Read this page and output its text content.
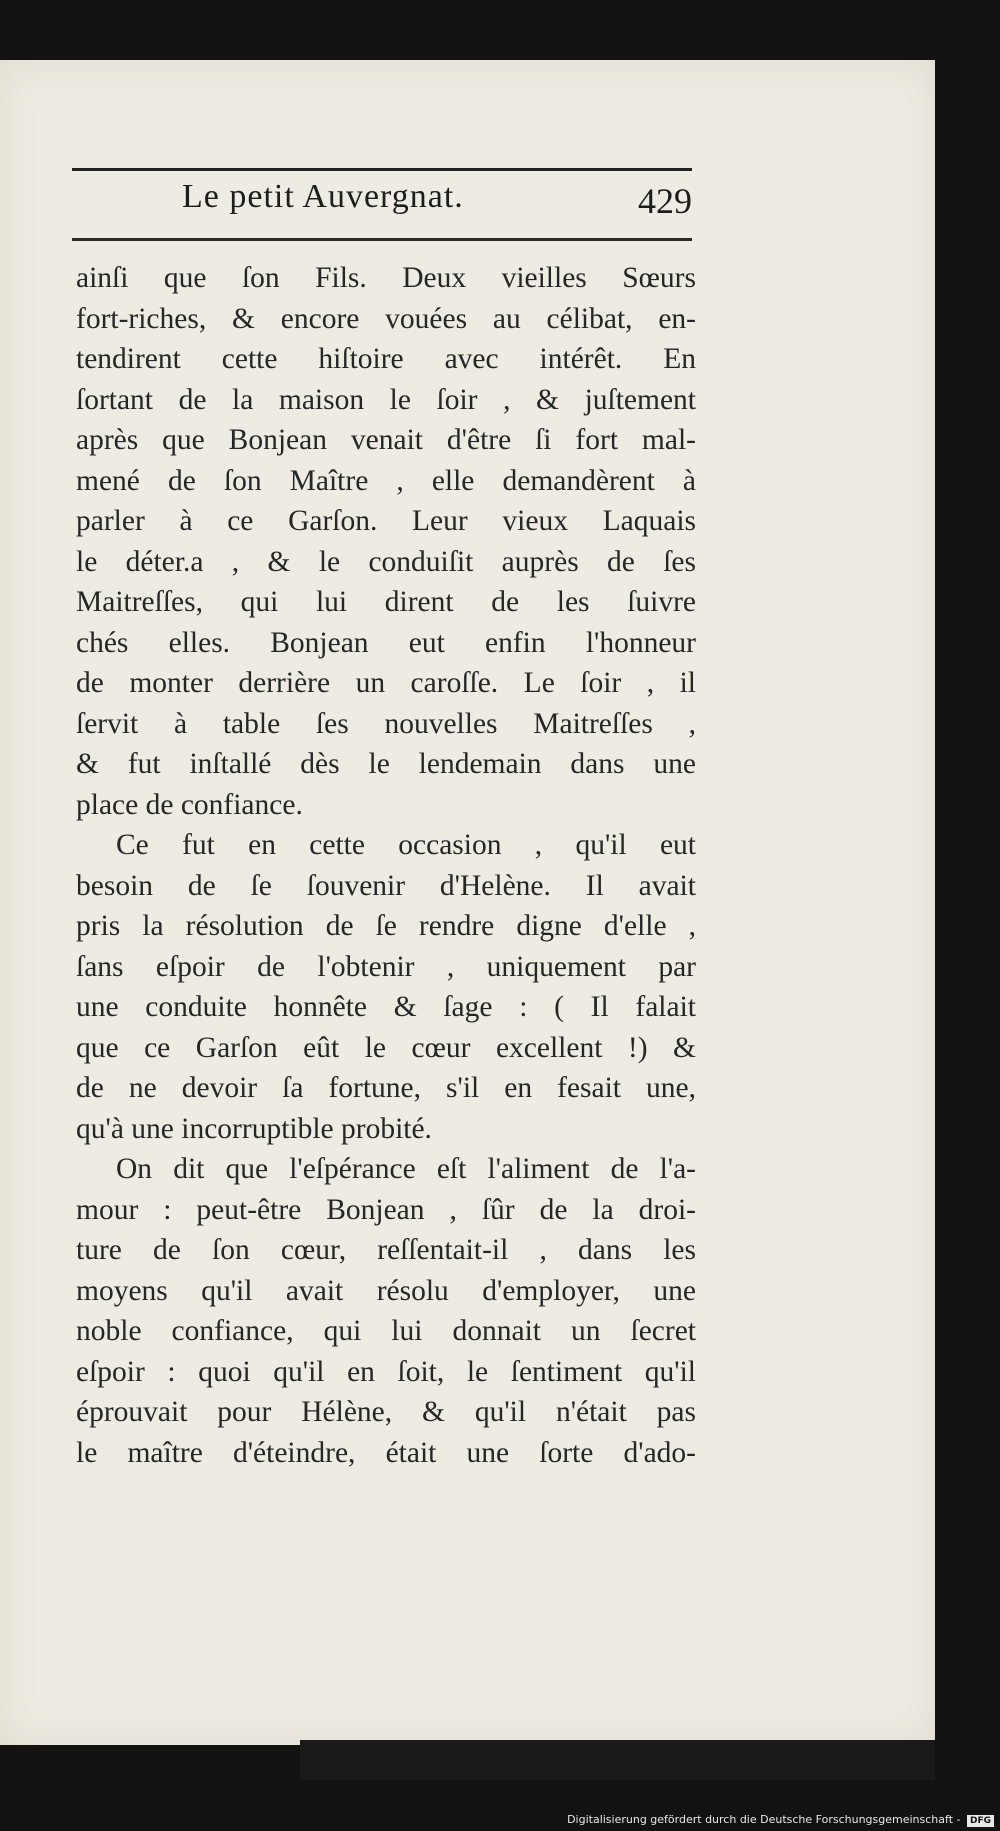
Le petit Auvergnat.	429
ainſi que ſon Fils. Deux vieilles Sœurs
fort-riches, & encore vouées au célibat, en-
tendirent cette hiſtoire avec intérêt. En
ſortant de la maison le ſoir , & juſtement
après que Bonjean venait d'être ſi fort mal-
mené de ſon Maître , elle demandèrent à
parler à ce Garſon. Leur vieux Laquais
le déter.a , & le conduiſit auprès de ſes
Maitreſſes, qui lui dirent de les ſuivre
chés elles. Bonjean eut enfin l'honneur
de monter derrière un caroſſe. Le ſoir , il
ſervit à table ſes nouvelles Maitreſſes ,
& fut inſtallé dès le lendemain dans une
place de confiance.
Ce fut en cette occasion , qu'il eut
besoin de ſe ſouvenir d'Helène. Il avait
pris la résolution de ſe rendre digne d'elle ,
ſans eſpoir de l'obtenir , uniquement par
une conduite honnête & ſage : ( Il falait
que ce Garſon eût le cœur excellent !) &
de ne devoir ſa fortune, s'il en fesait une,
qu'à une incorruptible probité.
On dit que l'eſpérance eſt l'aliment de l'a-
mour : peut-être Bonjean , ſûr de la droi-
ture de ſon cœur, reſſentait-il , dans les
moyens qu'il avait résolu d'employer, une
noble confiance, qui lui donnait un ſecret
eſpoir : quoi qu'il en ſoit, le ſentiment qu'il
éprouvait pour Hélène, & qu'il n'était pas
le maître d'éteindre, était une ſorte d'ado-
Digitalisierung gefördert durch die Deutsche Forschungsgemeinschaft - DFG
